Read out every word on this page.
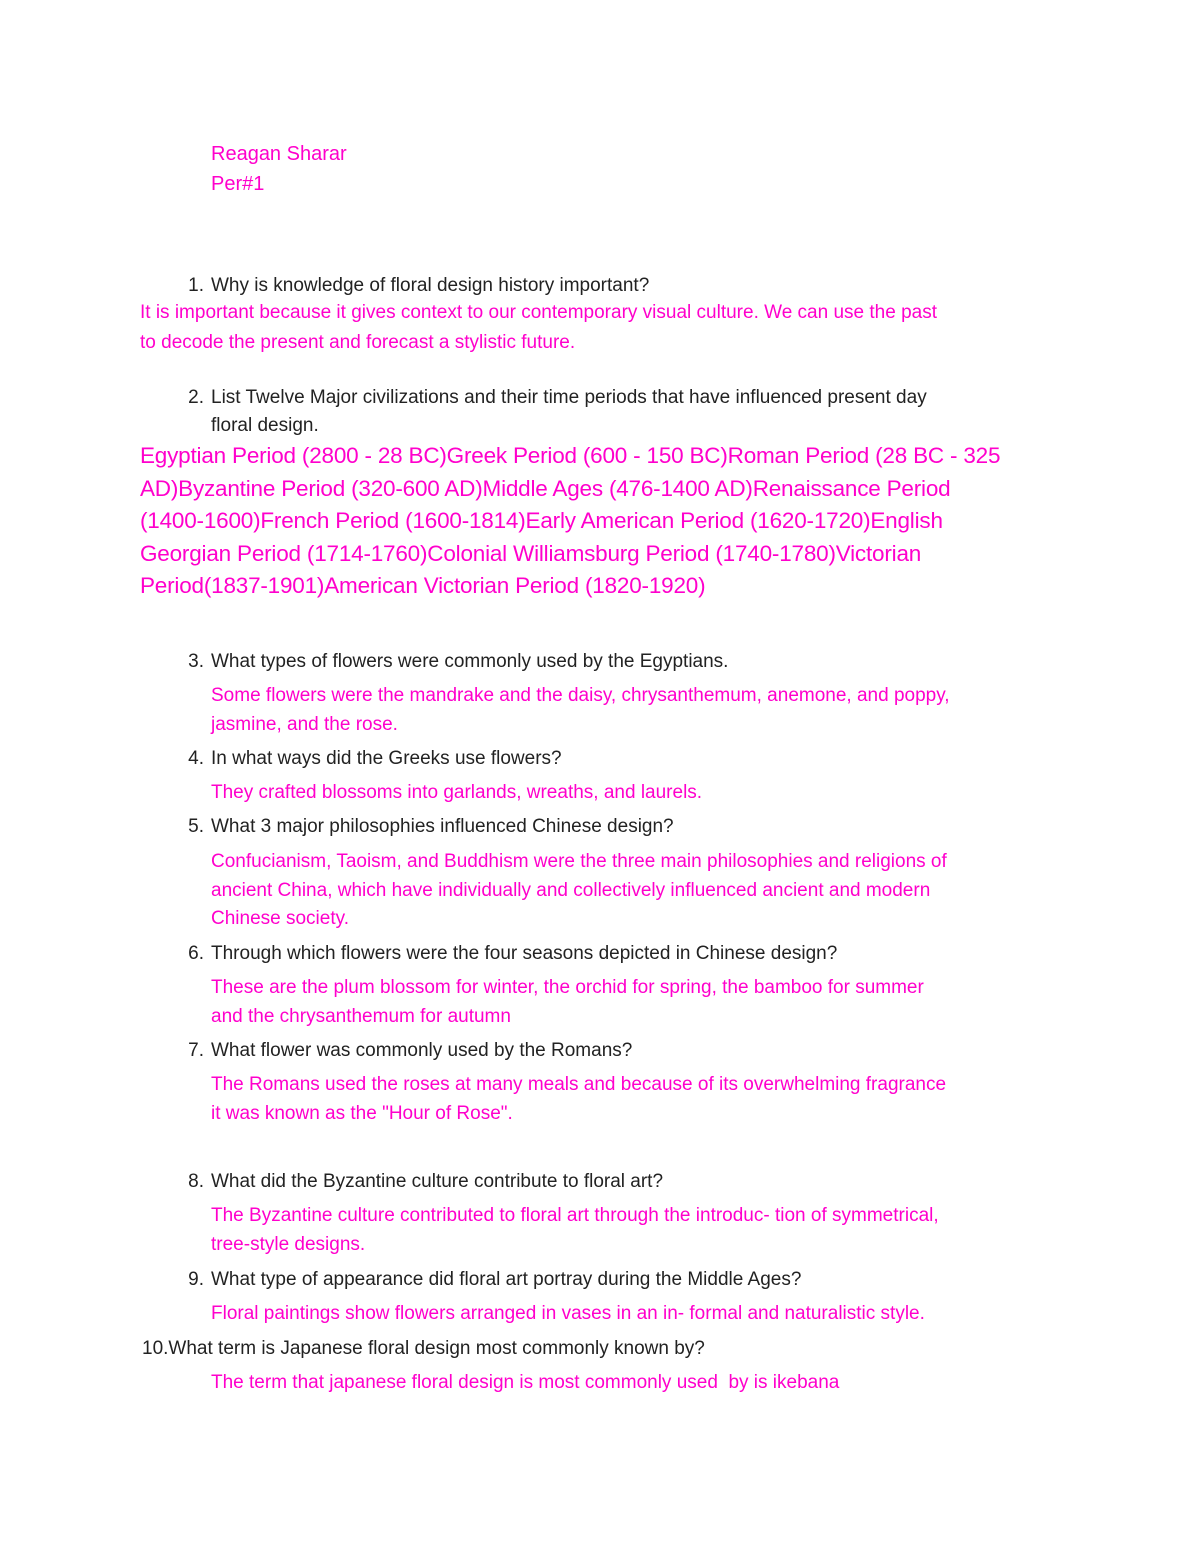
Reagan Sharar
Per#1
1. Why is knowledge of floral design history important?
It is important because it gives context to our contemporary visual culture. We can use the past
to decode the present and forecast a stylistic future.
2. List Twelve Major civilizations and their time periods that have influenced present day
floral design.
Egyptian Period (2800 - 28 BC)Greek Period (600 - 150 BC)Roman Period (28 BC - 325
AD)Byzantine Period (320-600 AD)Middle Ages (476-1400 AD)Renaissance Period
(1400-1600)French Period (1600-1814)Early American Period (1620-1720)English
Georgian Period (1714-1760)Colonial Williamsburg Period (1740-1780)Victorian
Period(1837-1901)American Victorian Period (1820-1920)
3. What types of flowers were commonly used by the Egyptians.
Some flowers were the mandrake and the daisy, chrysanthemum, anemone, and poppy,
jasmine, and the rose.
4. In what ways did the Greeks use flowers?
They crafted blossoms into garlands, wreaths, and laurels.
5. What 3 major philosophies influenced Chinese design?
Confucianism, Taoism, and Buddhism were the three main philosophies and religions of
ancient China, which have individually and collectively influenced ancient and modern
Chinese society.
6. Through which flowers were the four seasons depicted in Chinese design?
These are the plum blossom for winter, the orchid for spring, the bamboo for summer
and the chrysanthemum for autumn
7. What flower was commonly used by the Romans?
The Romans used the roses at many meals and because of its overwhelming fragrance
it was known as the "Hour of Rose".
8. What did the Byzantine culture contribute to floral art?
The Byzantine culture contributed to floral art through the introduc- tion of symmetrical,
tree-style designs.
9. What type of appearance did floral art portray during the Middle Ages?
Floral paintings show flowers arranged in vases in an in- formal and naturalistic style.
10.What term is Japanese floral design most commonly known by?
The term that japanese floral design is most commonly used  by is ikebana
